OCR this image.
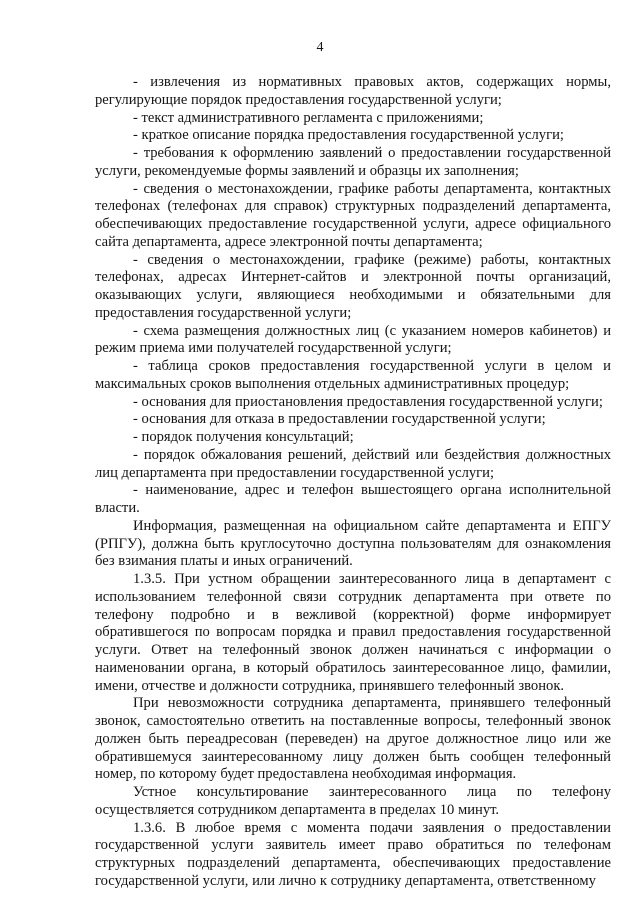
4

- извлечения из нормативных правовых актов, содержащих нормы, регулирующие порядок предоставления государственной услуги;

- текст административного регламента с приложениями;

- краткое описание порядка предоставления государственной услуги;

- требования к оформлению заявлений о предоставлении государственной услуги, рекомендуемые формы заявлений и образцы их заполнения;

- сведения о местонахождении, графике работы департамента, контактных телефонах (телефонах для справок) структурных подразделений департамента, обеспечивающих предоставление государственной услуги, адресе официального сайта департамента, адресе электронной почты департамента;

- сведения о местонахождении, графике (режиме) работы, контактных телефонах, адресах Интернет-сайтов и электронной почты организаций, оказывающих услуги, являющиеся необходимыми и обязательными для предоставления государственной услуги;

- схема размещения должностных лиц (с указанием номеров кабинетов) и режим приема ими получателей государственной услуги;

- таблица сроков предоставления государственной услуги в целом и максимальных сроков выполнения отдельных административных процедур;

- основания для приостановления предоставления государственной услуги;

- основания для отказа в предоставлении государственной услуги;

- порядок получения консультаций;

- порядок обжалования решений, действий или бездействия должностных лиц департамента при предоставлении государственной услуги;

- наименование, адрес и телефон вышестоящего органа исполнительной власти.

Информация, размещенная на официальном сайте департамента и ЕПГУ (РПГУ), должна быть круглосуточно доступна пользователям для ознакомления без взимания платы и иных ограничений.

1.3.5. При устном обращении заинтересованного лица в департамент с использованием телефонной связи сотрудник департамента при ответе по телефону подробно и в вежливой (корректной) форме информирует обратившегося по вопросам порядка и правил предоставления государственной услуги. Ответ на телефонный звонок должен начинаться с информации о наименовании органа, в который обратилось заинтересованное лицо, фамилии, имени, отчестве и должности сотрудника, принявшего телефонный звонок.

При невозможности сотрудника департамента, принявшего телефонный звонок, самостоятельно ответить на поставленные вопросы, телефонный звонок должен быть переадресован (переведен) на другое должностное лицо или же обратившемуся заинтересованному лицу должен быть сообщен телефонный номер, по которому будет предоставлена необходимая информация.

Устное консультирование заинтересованного лица по телефону осуществляется сотрудником департамента в пределах 10 минут.

1.3.6. В любое время с момента подачи заявления о предоставлении государственной услуги заявитель имеет право обратиться по телефонам структурных подразделений департамента, обеспечивающих предоставление государственной услуги, или лично к сотруднику департамента, ответственному
